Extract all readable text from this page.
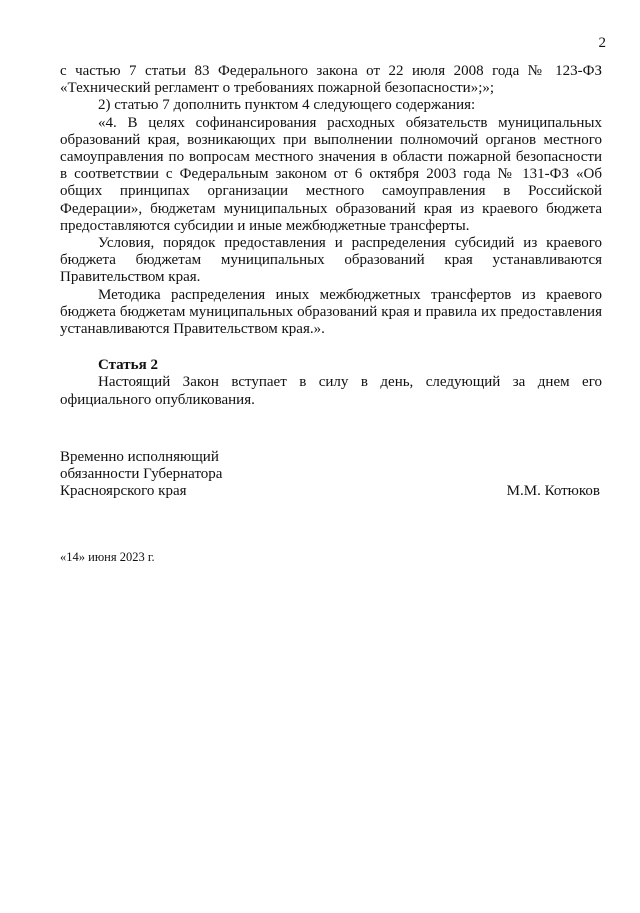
2

с частью 7 статьи 83 Федерального закона от 22 июля 2008 года № 123-ФЗ «Технический регламент о требованиях пожарной безопасности»;»;

2) статью 7 дополнить пунктом 4 следующего содержания:

«4. В целях софинансирования расходных обязательств муниципальных образований края, возникающих при выполнении полномочий органов местного самоуправления по вопросам местного значения в области пожарной безопасности в соответствии с Федеральным законом от 6 октября 2003 года № 131-ФЗ «Об общих принципах организации местного самоуправления в Российской Федерации», бюджетам муниципальных образований края из краевого бюджета предоставляются субсидии и иные межбюджетные трансферты.

Условия, порядок предоставления и распределения субсидий из краевого бюджета бюджетам муниципальных образований края устанавливаются Правительством края.

Методика распределения иных межбюджетных трансфертов из краевого бюджета бюджетам муниципальных образований края и правила их предоставления устанавливаются Правительством края.».

Статья 2

Настоящий Закон вступает в силу в день, следующий за днем его официального опубликования.

Временно исполняющий
обязанности Губернатора
Красноярского края	М.М. Котюков
«14» июня 2023 г.
